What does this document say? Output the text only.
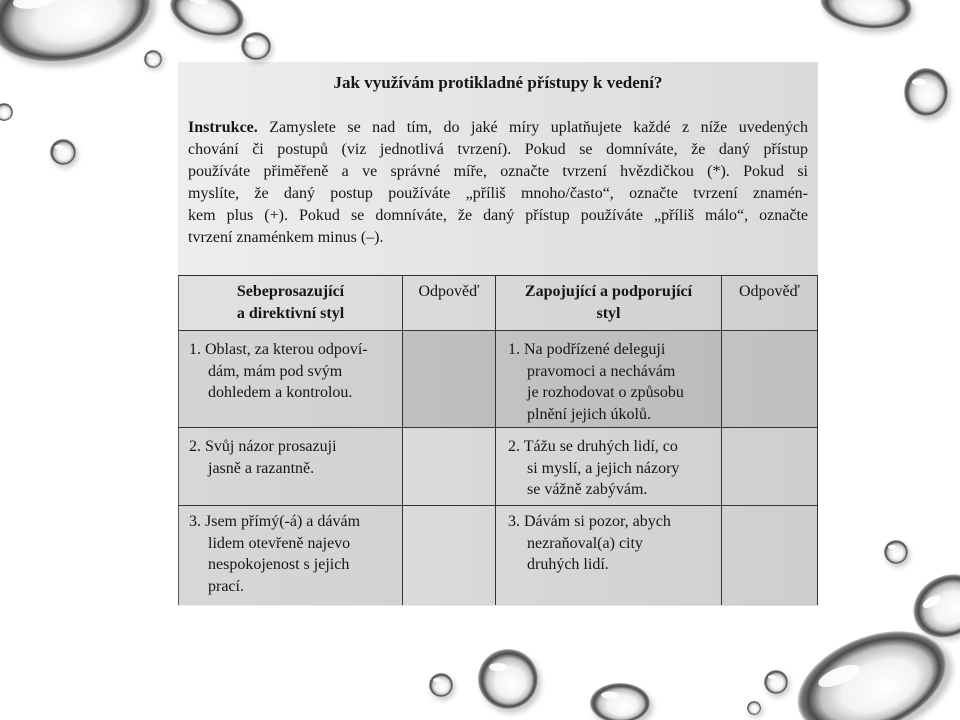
Jak využívám protikladné přístupy k vedení?
Instrukce. Zamyslete se nad tím, do jaké míry uplatňujete každé z níže uvedených
chování či postupů (viz jednotlivá tvrzení). Pokud se domníváte, že daný přístup
používáte přiměřeně a ve správné míře, označte tvrzení hvězdičkou (*). Pokud si
myslíte, že daný postup používáte „příliš mnoho/často“, označte tvrzení znamén-
kem plus (+). Pokud se domníváte, že daný přístup používáte „příliš málo“, označte
tvrzení znaménkem minus (–).
Sebeprosazující
a direktivní styl
Odpověď	Zapojující a podporující
styl
Odpověď
1. Oblast, za kterou odpoví-
dám, mám pod svým
dohledem a kontrolou.
1. Na podřízené deleguji
pravomoci a nechávám
je rozhodovat o způsobu
plnění jejich úkolů.
2. Svůj názor prosazuji
jasně a razantně.
2. Tážu se druhých lidí, co
si myslí, a jejich názory
se vážně zabývám.
3. Jsem přímý(-á) a dávám
lidem otevřeně najevo
nespokojenost s jejich
prací.
3. Dávám si pozor, abych
nezraňoval(a) city
druhých lidí.
